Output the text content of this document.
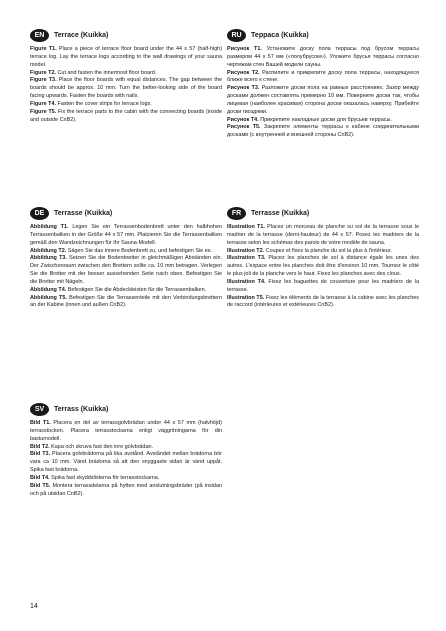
EN	Terrace (Kuikka)

Figure T1. Place a piece of terrace floor board under the 44 x 57 (half-high) terrace log. Lay the terrace logs according to the wall drawings of your sauna model.

Figure T2. Cut and fasten the innermost floor board.

Figure T3. Place the floor boards with equal distances. The gap between the boards should be approx. 10 mm. Turn the better-looking side of the board facing upwards. Fasten the boards with nails.

Figure T4. Fasten the cover strips for terrace logs.

Figure T5. Fix the terrace parts to the cabin with the connecting boards (inside and outside CnB2).

RU	Терраса (Kuikka)

Рисунок T1. Установите доску пола террасы под брусом террасы размером 44 x 57 мм («полубрусом»). Уложите брусья террасы согласно чертежам стен Вашей модели сауны.

Рисунок T2. Распилите и прикрепите доску пола террасы, находящуюся ближе всего к стене.

Рисунок T3. Разложите доски пола на равных расстояниях. Зазор между досками должен составлять примерно 10 мм. Поверните доски так, чтобы лицевая (наиболее красивая) сторона доски оказалась наверху. Прибейте доски гвоздями.

Рисунок T4. Прикрепите накладные доски для брусьев террасы.

Рисунок T5. Закрепите элементы террасы к кабине соединительными досками (с внутренней и внешней стороны CnB2).

DE	Terrasse (Kuikka)

Abbildung T1. Legen Sie ein Terrassenbodenbrett unter den halbhohen Terrassenbalken in der Größe 44 x 57 mm. Platzieren Sie die Terrassenbalken gemäß den Wandzeichnungen für Ihr Sauna-Modell.

Abbildung T2. Sägen Sie das innere Bodenbrett zu, und befestigen Sie es.

Abbildung T3. Setzen Sie die Bodenbretter in gleichmäßigen Abständen ein. Der Zwischenraum zwischen den Brettern sollte ca. 10 mm betragen. Verlegen Sie die Bretter mit der besser aussehenden Seite nach oben. Befestigen Sie die Bretter mit Nägeln.

Abbildung T4. Befestigen Sie die Abdeckleisten für die Terrassenbalken.

Abbildung T5. Befestigen Sie die Terrassenteile mit den Verbindungsbrettern an der Kabine (innen und außen CnB2).

FR	Terrasse (Kuikka)

Illustration T1. Placez un morceau de planche su sol de la terrasse sous le madrier de la terrasse (demi-hauteur) de 44 x 57. Posez les madriers de la terrasse selon les schémas des parois de votre modèle de sauna.

Illustration T2. Coupez et fixez la planche du sol la plus à l'intérieur.

Illustration T3. Placez les planches de sol à distance égale les unes des autres. L'espace entre les planches doit être d'environ 10 mm. Tournez le côté le plus joli de la planche vers le haut. Fixez les planches avec des clous.

Illustration T4. Fixez les baguettes de couverture pour les madriers de la terrasse.

Illustration T5. Fixez les éléments de la terrasse à la cabine avec les planches de raccord (intérieures et extérieures CnB2).

SV	Terrass (Kuikka)

Bild T1. Placera en del av terrassgolvbrädan under 44 x 57 mm (halvhöjd) terrasstocken. Placera terrasstockarna enligt väggritningarna för din bastumodell.

Bild T2. Kapa och skruva fast den inre golvbrädan.

Bild T3. Placera golvbrädorna på lika avstånd. Avståndet mellan brädorna bör vara ca 10 mm. Vänd brädorna så att den snyggaste sidan är vänd uppåt. Spika fast brädorna.

Bild T4. Spika fast skyddslisterna för terrasstockarna.

Bild T5. Montera terrassdelarna på hytten med anslutningsbräder (på insidan och på utsidan CnB2).

14
